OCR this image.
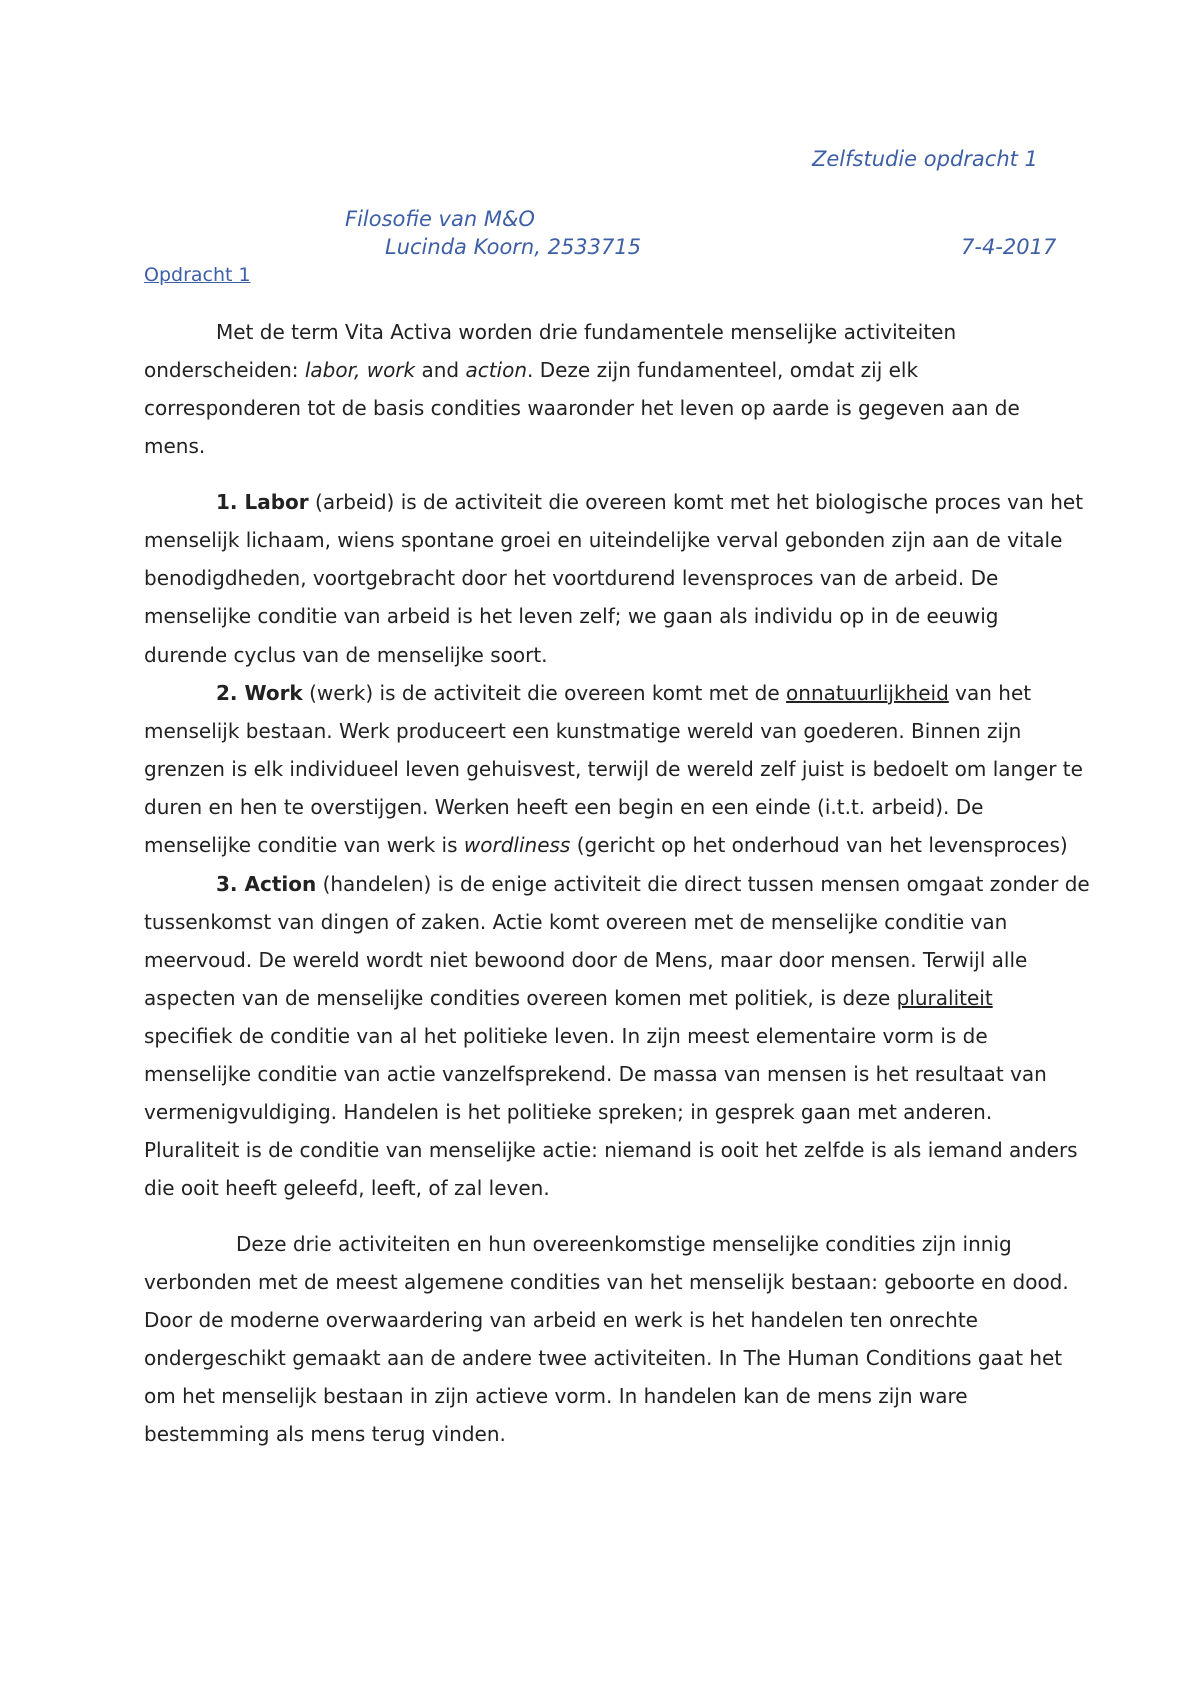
Zelfstudie opdracht 1
Filosofie van M&O
Lucinda Koorn, 2533715	7-4-2017
Opdracht 1
Met de term Vita Activa worden drie fundamentele menselijke activiteiten
onderscheiden: labor, work and action. Deze zijn fundamenteel, omdat zij elk
corresponderen tot de basis condities waaronder het leven op aarde is gegeven aan de
mens.
1. Labor (arbeid) is de activiteit die overeen komt met het biologische proces van het
menselijk lichaam, wiens spontane groei en uiteindelijke verval gebonden zijn aan de vitale
benodigdheden, voortgebracht door het voortdurend levensproces van de arbeid. De
menselijke conditie van arbeid is het leven zelf; we gaan als individu op in de eeuwig
durende cyclus van de menselijke soort.
2. Work (werk) is de activiteit die overeen komt met de onnatuurlijkheid van het
menselijk bestaan. Werk produceert een kunstmatige wereld van goederen. Binnen zijn
grenzen is elk individueel leven gehuisvest, terwijl de wereld zelf juist is bedoelt om langer te
duren en hen te overstijgen. Werken heeft een begin en een einde (i.t.t. arbeid). De
menselijke conditie van werk is wordliness (gericht op het onderhoud van het levensproces)
3. Action (handelen) is de enige activiteit die direct tussen mensen omgaat zonder de
tussenkomst van dingen of zaken. Actie komt overeen met de menselijke conditie van
meervoud. De wereld wordt niet bewoond door de Mens, maar door mensen. Terwijl alle
aspecten van de menselijke condities overeen komen met politiek, is deze pluraliteit
specifiek de conditie van al het politieke leven. In zijn meest elementaire vorm is de
menselijke conditie van actie vanzelfsprekend. De massa van mensen is het resultaat van
vermenigvuldiging. Handelen is het politieke spreken; in gesprek gaan met anderen.
Pluraliteit is de conditie van menselijke actie: niemand is ooit het zelfde is als iemand anders
die ooit heeft geleefd, leeft, of zal leven.
Deze drie activiteiten en hun overeenkomstige menselijke condities zijn innig
verbonden met de meest algemene condities van het menselijk bestaan: geboorte en dood.
Door de moderne overwaardering van arbeid en werk is het handelen ten onrechte
ondergeschikt gemaakt aan de andere twee activiteiten. In The Human Conditions gaat het
om het menselijk bestaan in zijn actieve vorm. In handelen kan de mens zijn ware
bestemming als mens terug vinden.
